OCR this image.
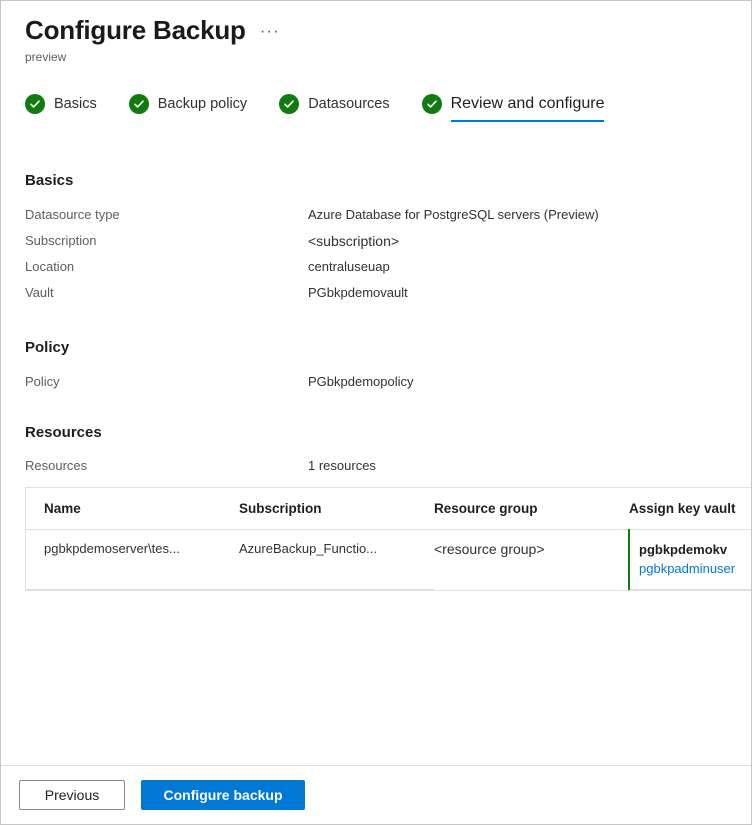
Configure Backup ···
preview
Basics	Backup policy	Datasources	Review and configure
Basics
Datasource type	Azure Database for PostgreSQL servers (Preview)
Subscription	<subscription>
Location	centraluseuap
Vault	PGbkpdemovault
Policy
Policy	PGbkpdemopolicy
Resources
Resources	1 resources
Name	Subscription	Resource group	Assign key vault
pgbkpdemoserver\tes...	AzureBackup_Functio...	<resource group>	pgbkpdemokv
pgbkpadminuser
Previous	Configure backup
